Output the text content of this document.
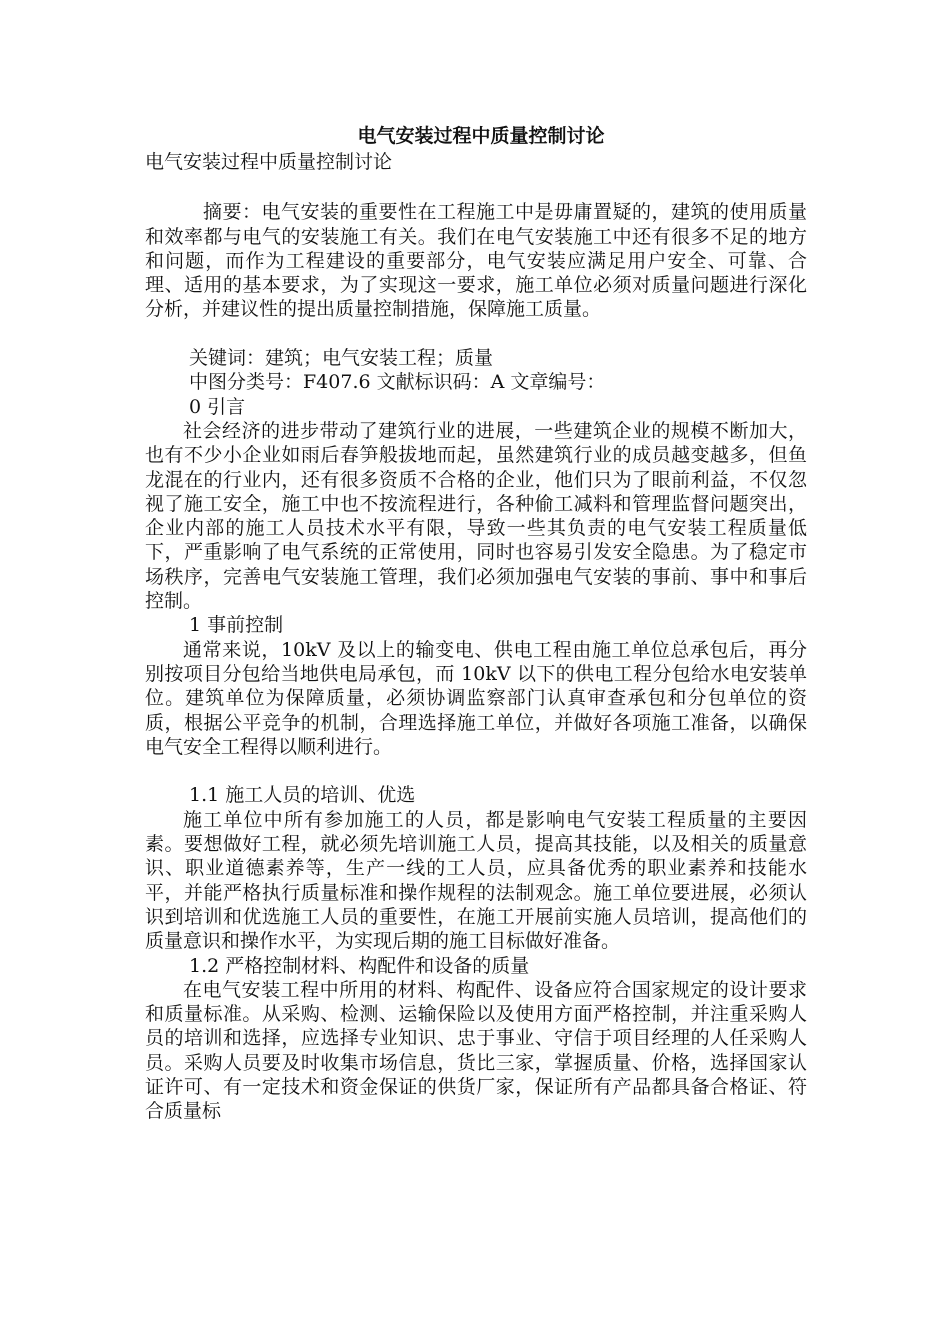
电气安装过程中质量控制讨论

电气安装过程中质量控制讨论

摘要：电气安装的重要性在工程施工中是毋庸置疑的，建筑的使用质量和效率都与电气的安装施工有关。我们在电气安装施工中还有很多不足的地方和问题，而作为工程建设的重要部分，电气安装应满足用户安全、可靠、合理、适用的基本要求，为了实现这一要求，施工单位必须对质量问题进行深化分析，并建议性的提出质量控制措施，保障施工质量。

关键词：建筑；电气安装工程；质量

中图分类号：F407.6 文献标识码：A 文章编号：

0 引言

社会经济的进步带动了建筑行业的进展，一些建筑企业的规模不断加大，也有不少小企业如雨后春笋般拔地而起，虽然建筑行业的成员越变越多，但鱼龙混在的行业内，还有很多资质不合格的企业，他们只为了眼前利益，不仅忽视了施工安全，施工中也不按流程进行，各种偷工减料和管理监督问题突出，企业内部的施工人员技术水平有限，导致一些其负责的电气安装工程质量低下，严重影响了电气系统的正常使用，同时也容易引发安全隐患。为了稳定市场秩序，完善电气安装施工管理，我们必须加强电气安装的事前、事中和事后控制。

1 事前控制

通常来说，10kV 及以上的输变电、供电工程由施工单位总承包后，再分别按项目分包给当地供电局承包，而 10kV 以下的供电工程分包给水电安装单位。建筑单位为保障质量，必须协调监察部门认真审查承包和分包单位的资质，根据公平竞争的机制，合理选择施工单位，并做好各项施工准备，以确保电气安全工程得以顺利进行。

1.1 施工人员的培训、优选

施工单位中所有参加施工的人员，都是影响电气安装工程质量的主要因素。要想做好工程，就必须先培训施工人员，提高其技能，以及相关的质量意识、职业道德素养等，生产一线的工人员，应具备优秀的职业素养和技能水平，并能严格执行质量标准和操作规程的法制观念。施工单位要进展，必须认识到培训和优选施工人员的重要性，在施工开展前实施人员培训，提高他们的质量意识和操作水平，为实现后期的施工目标做好准备。

1.2 严格控制材料、构配件和设备的质量

在电气安装工程中所用的材料、构配件、设备应符合国家规定的设计要求和质量标准。从采购、检测、运输保险以及使用方面严格控制，并注重采购人员的培训和选择，应选择专业知识、忠于事业、守信于项目经理的人任采购人员。采购人员要及时收集市场信息，货比三家，掌握质量、价格，选择国家认证许可、有一定技术和资金保证的供货厂家，保证所有产品都具备合格证、符合质量标
